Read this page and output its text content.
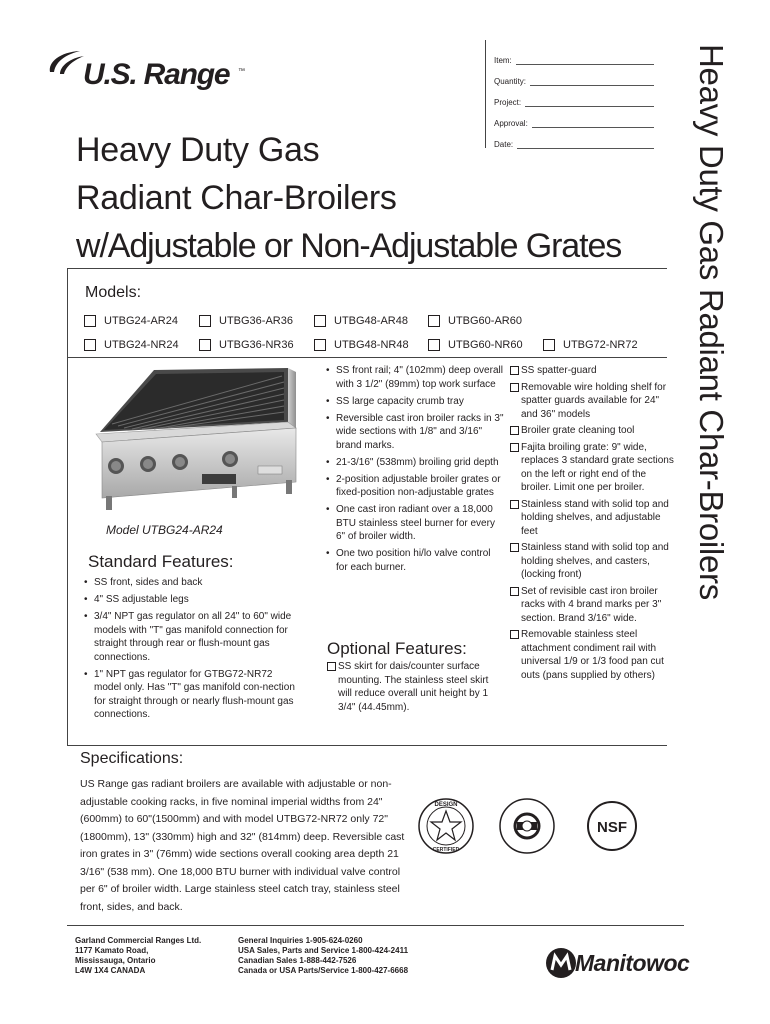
U.S. Range ™
Heavy Duty Gas
Radiant Char-Broilers
w/Adjustable or Non-Adjustable Grates
Item:
Quantity:
Project:
Approval:
Date:	Heavy Duty Gas Radiant Char-Broilers
Models:
UTBG24-AR24	UTBG36-AR36	UTBG48-AR48	UTBG60-AR60
UTBG24-NR24	UTBG36-NR36	UTBG48-NR48	UTBG60-NR60	UTBG72-NR72
Model UTBG24-AR24
Standard Features:
• SS front, sides and back
• 4" SS adjustable legs
• 3/4" NPT gas regulator on all 24" to 60" wide models with "T" gas manifold connection for straight through rear or flush-mount gas connections.
• 1" NPT gas regulator for GTBG72-NR72 model only. Has "T" gas manifold con-nection for straight through or nearly flush-mount gas connections.
• SS front rail; 4" (102mm) deep overall with 3 1/2" (89mm) top work surface
• SS large capacity crumb tray
• Reversible cast iron broiler racks in 3" wide sections with 1/8" and 3/16" brand marks.
• 21-3/16" (538mm) broiling grid depth
• 2-position adjustable broiler grates or fixed-position non-adjustable grates
• One cast iron radiant over a 18,000 BTU stainless steel burner for every 6" of broiler width.
• One two position hi/lo valve control for each burner.
Optional Features:
SS skirt for dais/counter surface mounting. The stainless steel skirt will reduce overall unit height by 1 3/4" (44.45mm).
SS spatter-guard
Removable wire holding shelf for spatter guards available for 24" and 36" models
Broiler grate cleaning tool
Fajita broiling grate: 9" wide, replaces 3 standard grate sections on the left or right end of the broiler. Limit one per broiler.
Stainless stand with solid top and holding shelves, and adjustable feet
Stainless stand with solid top and holding shelves, and casters, (locking front)
Set of revisible cast iron broiler racks with 4 brand marks per 3" section. Brand 3/16" wide.
Removable stainless steel attachment condiment rail with universal 1/9 or 1/3 food pan cut outs (pans supplied by others)
Specifications:
US Range gas radiant broilers are available with adjustable or non-adjustable cooking racks, in five nominal imperial widths from 24"(600mm) to 60"(1500mm) and with model UTBG72-NR72 only 72"(1800mm), 13" (330mm) high and 32" (814mm) deep. Reversible cast iron grates in 3" (76mm) wide sections overall cooking area depth 21 3/16" (538 mm). One 18,000 BTU burner with individual valve control per 6" of broiler width. Large stainless steel catch tray, stainless steel front, sides, and back.
DESIGN
CERTIFIED
NSF
Garland Commercial Ranges Ltd.
1177 Kamato Road,
Mississauga, Ontario
L4W 1X4 CANADA
General Inquiries 1-905-624-0260
USA Sales, Parts and Service 1-800-424-2411
Canadian Sales 1-888-442-7526
Canada or USA Parts/Service 1-800-427-6668	Manitowoc
